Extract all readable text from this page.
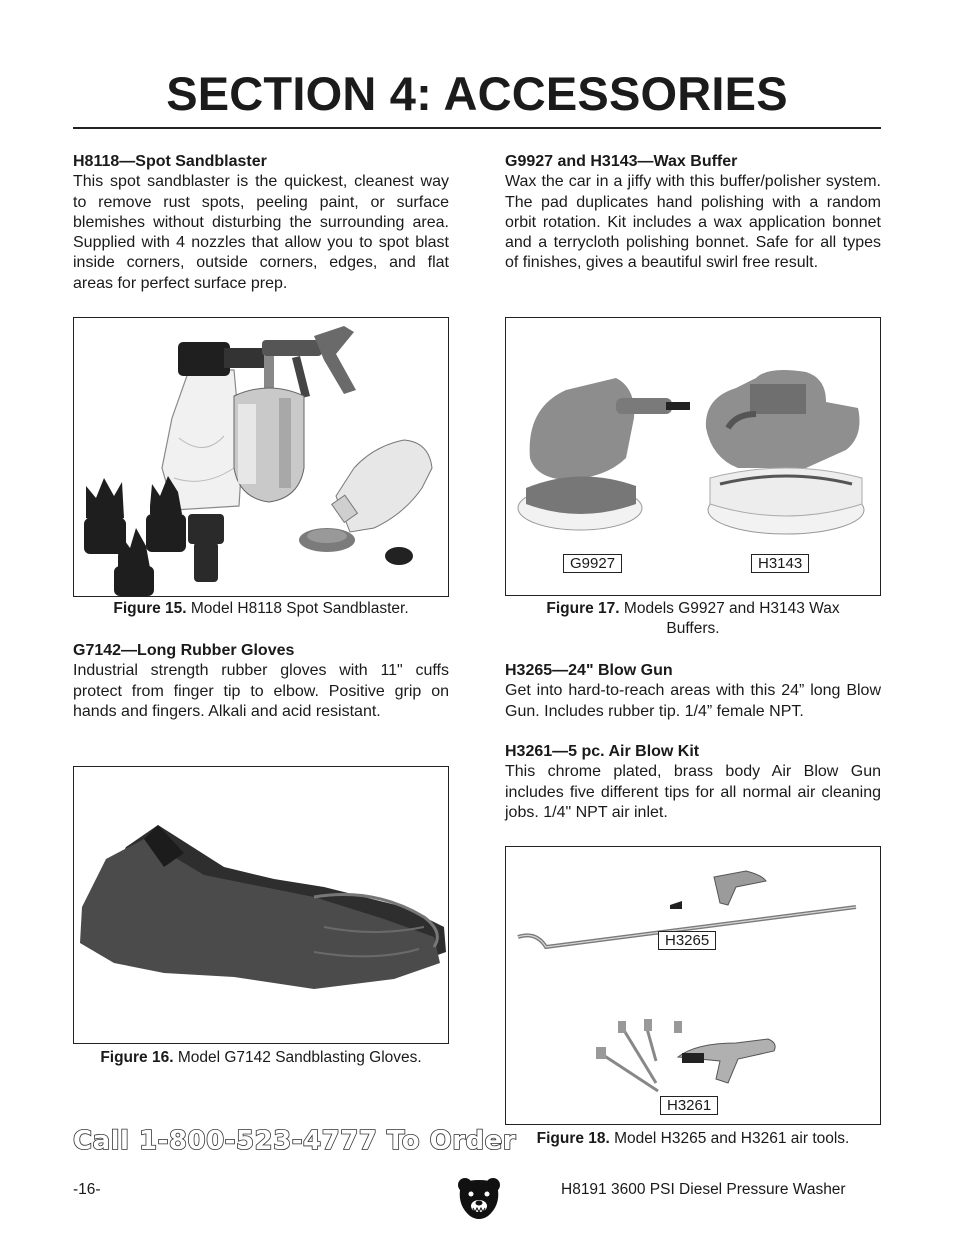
SECTION 4: ACCESSORIES
H8118—Spot Sandblaster
This spot sandblaster is the quickest, cleanest way to remove rust spots, peeling paint, or surface blemishes without disturbing the surrounding area. Supplied with 4 nozzles that allow you to spot blast inside corners, outside corners, edges, and flat areas for perfect surface prep.
Figure 15. Model H8118 Spot Sandblaster.
G7142—Long Rubber Gloves
Industrial strength rubber gloves with 11" cuffs protect from finger tip to elbow. Positive grip on hands and fingers. Alkali and acid resistant.
Figure 16. Model G7142 Sandblasting Gloves.
G9927 and H3143—Wax Buffer
Wax the car in a jiffy with this buffer/polisher system. The pad duplicates hand polishing with a random orbit rotation. Kit includes a wax application bonnet and a terrycloth polishing bonnet. Safe for all types of finishes, gives a beautiful swirl free result.
G9927	H3143
Figure 17. Models G9927 and H3143 Wax
Buffers.
H3265—24" Blow Gun
Get into hard-to-reach areas with this 24” long Blow Gun. Includes rubber tip. 1/4” female NPT.
H3261—5 pc. Air Blow Kit
This chrome plated, brass body Air Blow Gun includes five different tips for all normal air cleaning jobs. 1/4" NPT air inlet.
H3265
H3261
Figure 18. Model H3265 and H3261 air tools.
Call 1-800-523-4777 To Order
-16-	H8191 3600 PSI Diesel Pressure Washer
